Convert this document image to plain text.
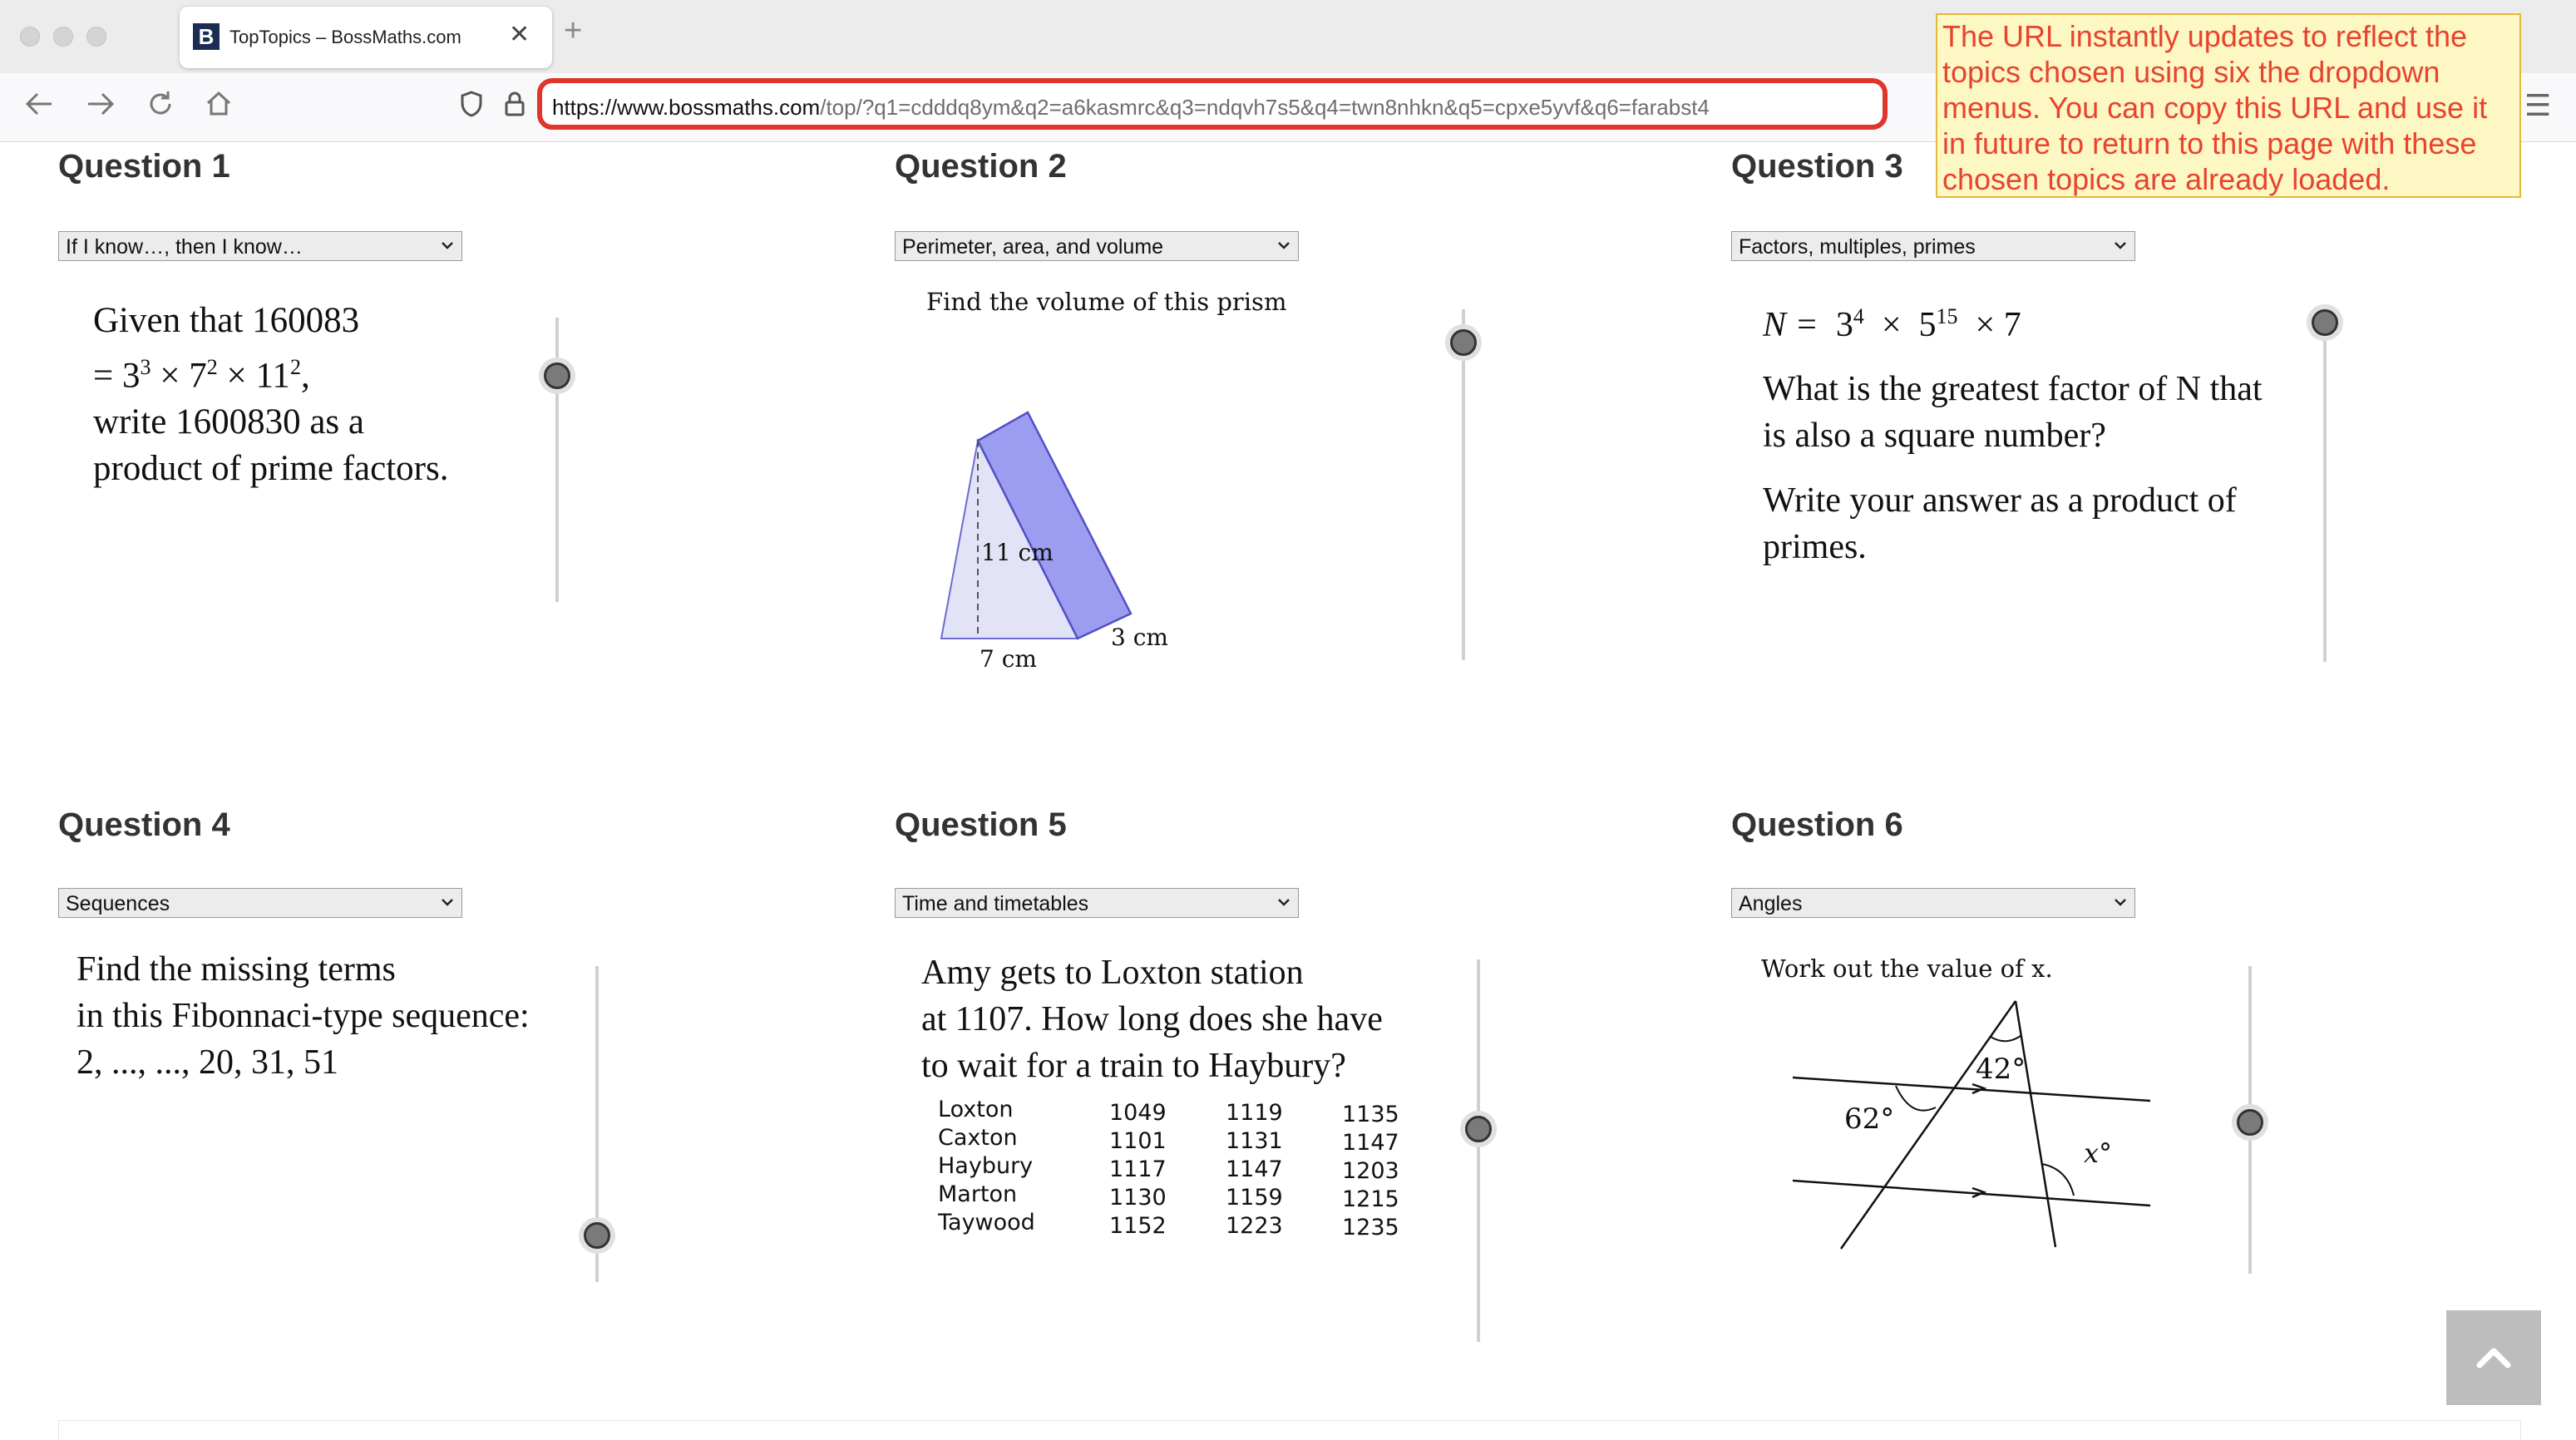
B TopTopics – BossMaths.com ✕ +
https://www.bossmaths.com/top/?q1=cdddq8ym&q2=a6kasmrc&q3=ndqvh7s5&q4=twn8nhkn&q5=cpxe5yvf&q6=farabst4	☰
The URL instantly updates to reflect the topics chosen using six the dropdown menus. You can copy this URL and use it in future to return to this page with these chosen topics are already loaded.
Question 1
If I know…, then I know…
Given that 160083
= $3^3 \times 7^2 \times 11^2$,
write 1600830 as a
product of prime factors.
Question 2
Perimeter, area, and volume
Find the volume of this prism
11 cm
7 cm
3 cm
Question 3
Factors, multiples, primes
$N = 3^4 \times 5^{15} \times 7$
What is the greatest factor of N that is also a square number?
Write your answer as a product of primes.
Question 4
Sequences
Find the missing terms
in this Fibonnaci-type sequence:
2, ..., ..., 20, 31, 51
Question 5
Time and timetables
Amy gets to Loxton station
at 1107. How long does she have
to wait for a train to Haybury?
Loxton
Caxton
Haybury
Marton
Taywood
1049
1101
1117
1130
1152
1119
1131
1147
1159
1223
1135
1147
1203
1215
1235
Question 6
Angles
Work out the value of x.
42°
62°
x°
